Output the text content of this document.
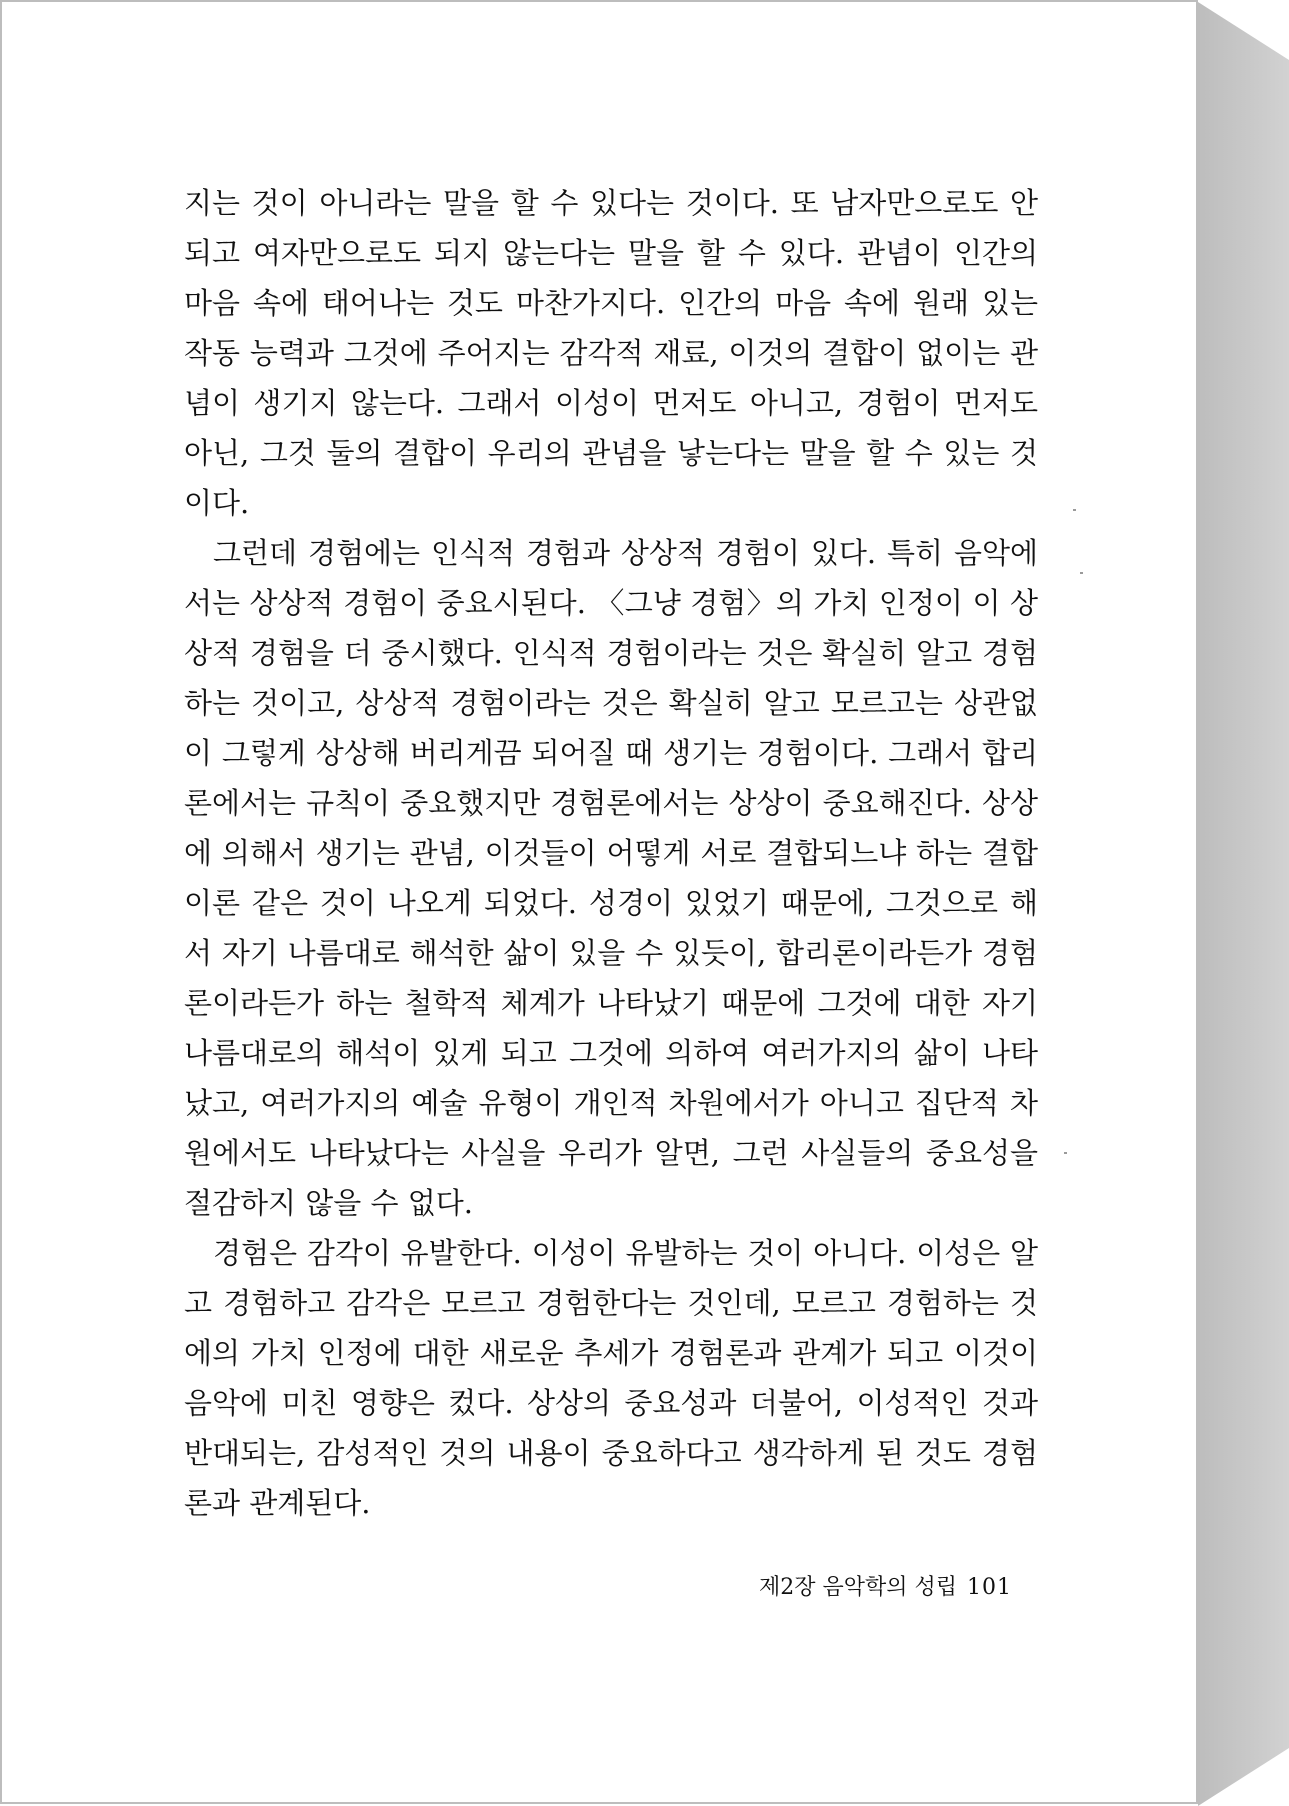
지는 것이 아니라는 말을 할 수 있다는 것이다. 또 남자만으로도 안 되고 여자만으로도 되지 않는다는 말을 할 수 있다. 관념이 인간의 마음 속에 태어나는 것도 마찬가지다. 인간의 마음 속에 원래 있는 작동 능력과 그것에 주어지는 감각적 재료, 이것의 결합이 없이는 관념이 생기지 않는다. 그래서 이성이 먼저도 아니고, 경험이 먼저도 아닌, 그것 둘의 결합이 우리의 관념을 낳는다는 말을 할 수 있는 것이다.

그런데 경험에는 인식적 경험과 상상적 경험이 있다. 특히 음악에서는 상상적 경험이 중요시된다. 〈그냥 경험〉의 가치 인정이 이 상상적 경험을 더 중시했다. 인식적 경험이라는 것은 확실히 알고 경험하는 것이고, 상상적 경험이라는 것은 확실히 알고 모르고는 상관없이 그렇게 상상해 버리게끔 되어질 때 생기는 경험이다. 그래서 합리론에서는 규칙이 중요했지만 경험론에서는 상상이 중요해진다. 상상에 의해서 생기는 관념, 이것들이 어떻게 서로 결합되느냐 하는 결합이론 같은 것이 나오게 되었다. 성경이 있었기 때문에, 그것으로 해서 자기 나름대로 해석한 삶이 있을 수 있듯이, 합리론이라든가 경험론이라든가 하는 철학적 체계가 나타났기 때문에 그것에 대한 자기 나름대로의 해석이 있게 되고 그것에 의하여 여러가지의 삶이 나타났고, 여러가지의 예술 유형이 개인적 차원에서가 아니고 집단적 차원에서도 나타났다는 사실을 우리가 알면, 그런 사실들의 중요성을 절감하지 않을 수 없다.

경험은 감각이 유발한다. 이성이 유발하는 것이 아니다. 이성은 알고 경험하고 감각은 모르고 경험한다는 것인데, 모르고 경험하는 것에의 가치 인정에 대한 새로운 추세가 경험론과 관계가 되고 이것이 음악에 미친 영향은 컸다. 상상의 중요성과 더불어, 이성적인 것과 반대되는, 감성적인 것의 내용이 중요하다고 생각하게 된 것도 경험론과 관계된다.

제2장 음악학의 성립 101
